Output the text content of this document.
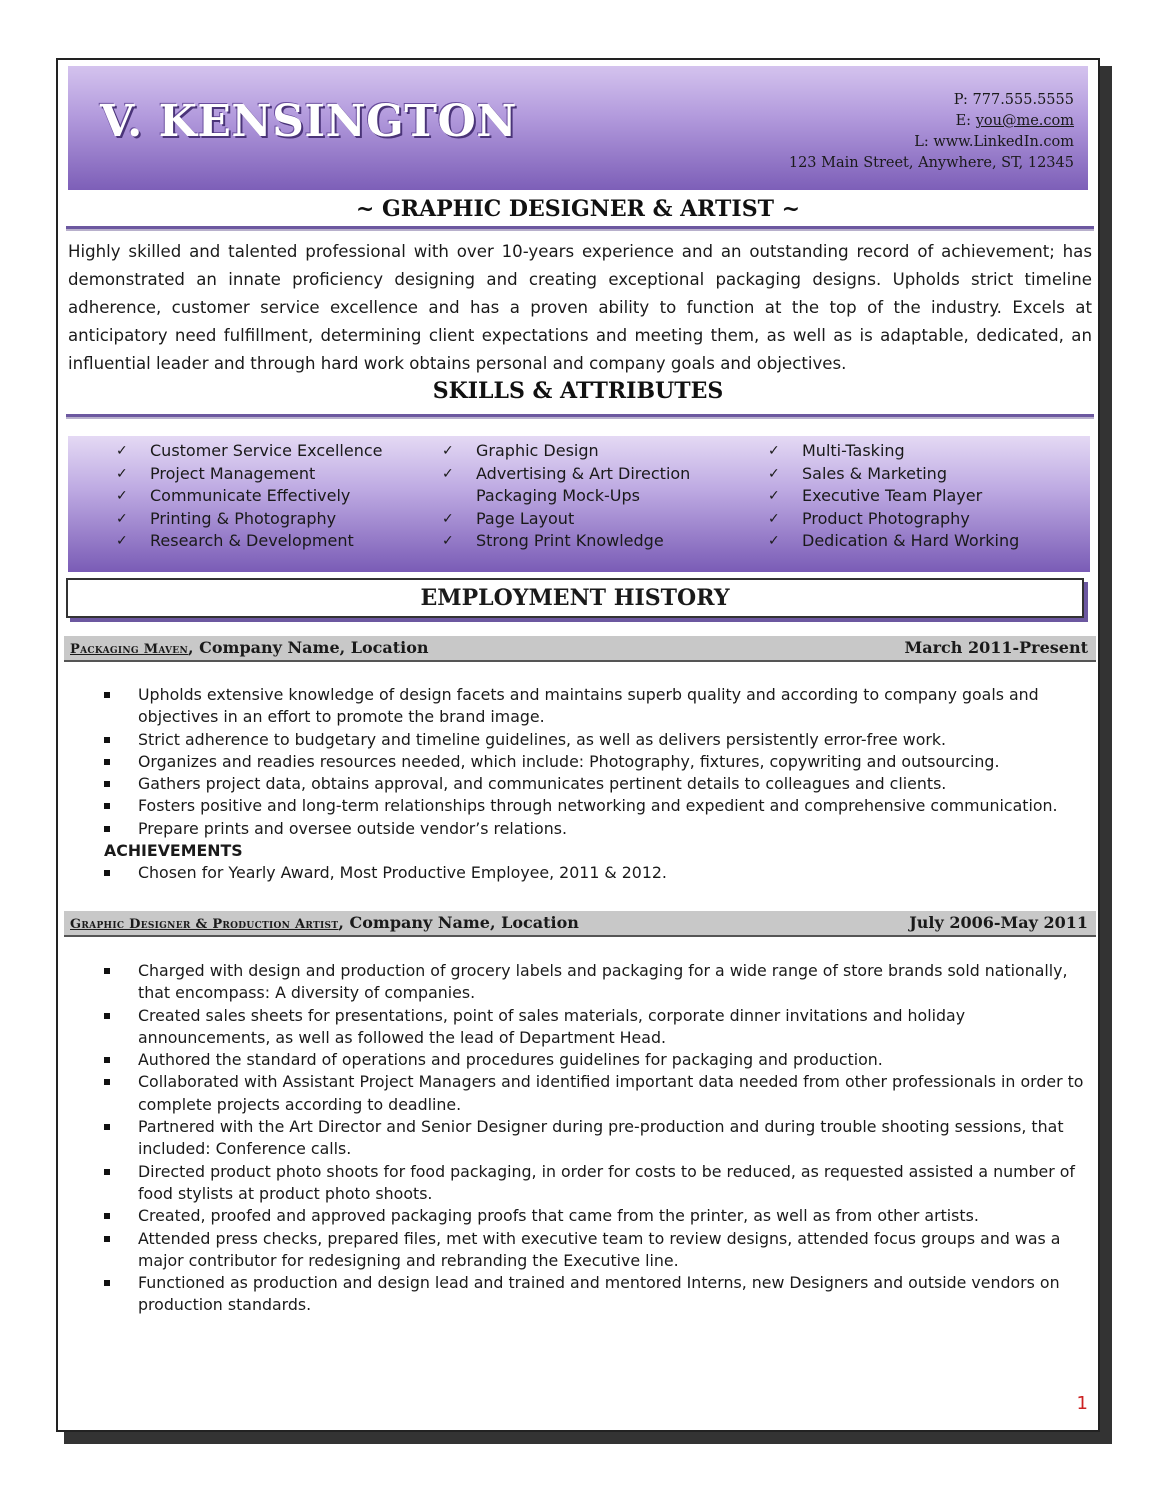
V. KENSINGTON	P: 777.555.5555
E: you@me.com
L: www.LinkedIn.com
123 Main Street, Anywhere, ST, 12345
~ GRAPHIC DESIGNER & ARTIST ~
Highly skilled and talented professional with over 10-years experience and an outstanding record of achievement; has demonstrated an innate proficiency designing and creating exceptional packaging designs. Upholds strict timeline adherence, customer service excellence and has a proven ability to function at the top of the industry. Excels at anticipatory need fulfillment, determining client expectations and meeting them, as well as is adaptable, dedicated, an influential leader and through hard work obtains personal and company goals and objectives.
SKILLS & ATTRIBUTES
✓ Customer Service Excellence
✓ Project Management
✓ Communicate Effectively
✓ Printing & Photography
✓ Research & Development
✓ Graphic Design
✓ Advertising & Art Direction
Packaging Mock-Ups
✓ Page Layout
✓ Strong Print Knowledge
✓ Multi-Tasking
✓ Sales & Marketing
✓ Executive Team Player
✓ Product Photography
✓ Dedication & Hard Working
EMPLOYMENT HISTORY
Packaging Maven, Company Name, Location	March 2011-Present
Upholds extensive knowledge of design facets and maintains superb quality and according to company goals and objectives in an effort to promote the brand image.
Strict adherence to budgetary and timeline guidelines, as well as delivers persistently error-free work.
Organizes and readies resources needed, which include: Photography, fixtures, copywriting and outsourcing.
Gathers project data, obtains approval, and communicates pertinent details to colleagues and clients.
Fosters positive and long-term relationships through networking and expedient and comprehensive communication.
Prepare prints and oversee outside vendor’s relations.
ACHIEVEMENTS
Chosen for Yearly Award, Most Productive Employee, 2011 & 2012.
Graphic Designer & Production Artist, Company Name, Location	July 2006-May 2011
Charged with design and production of grocery labels and packaging for a wide range of store brands sold nationally, that encompass: A diversity of companies.
Created sales sheets for presentations, point of sales materials, corporate dinner invitations and holiday announcements, as well as followed the lead of Department Head.
Authored the standard of operations and procedures guidelines for packaging and production.
Collaborated with Assistant Project Managers and identified important data needed from other professionals in order to complete projects according to deadline.
Partnered with the Art Director and Senior Designer during pre-production and during trouble shooting sessions, that included: Conference calls.
Directed product photo shoots for food packaging, in order for costs to be reduced, as requested assisted a number of food stylists at product photo shoots.
Created, proofed and approved packaging proofs that came from the printer, as well as from other artists.
Attended press checks, prepared files, met with executive team to review designs, attended focus groups and was a major contributor for redesigning and rebranding the Executive line.
Functioned as production and design lead and trained and mentored Interns, new Designers and outside vendors on production standards.
1
